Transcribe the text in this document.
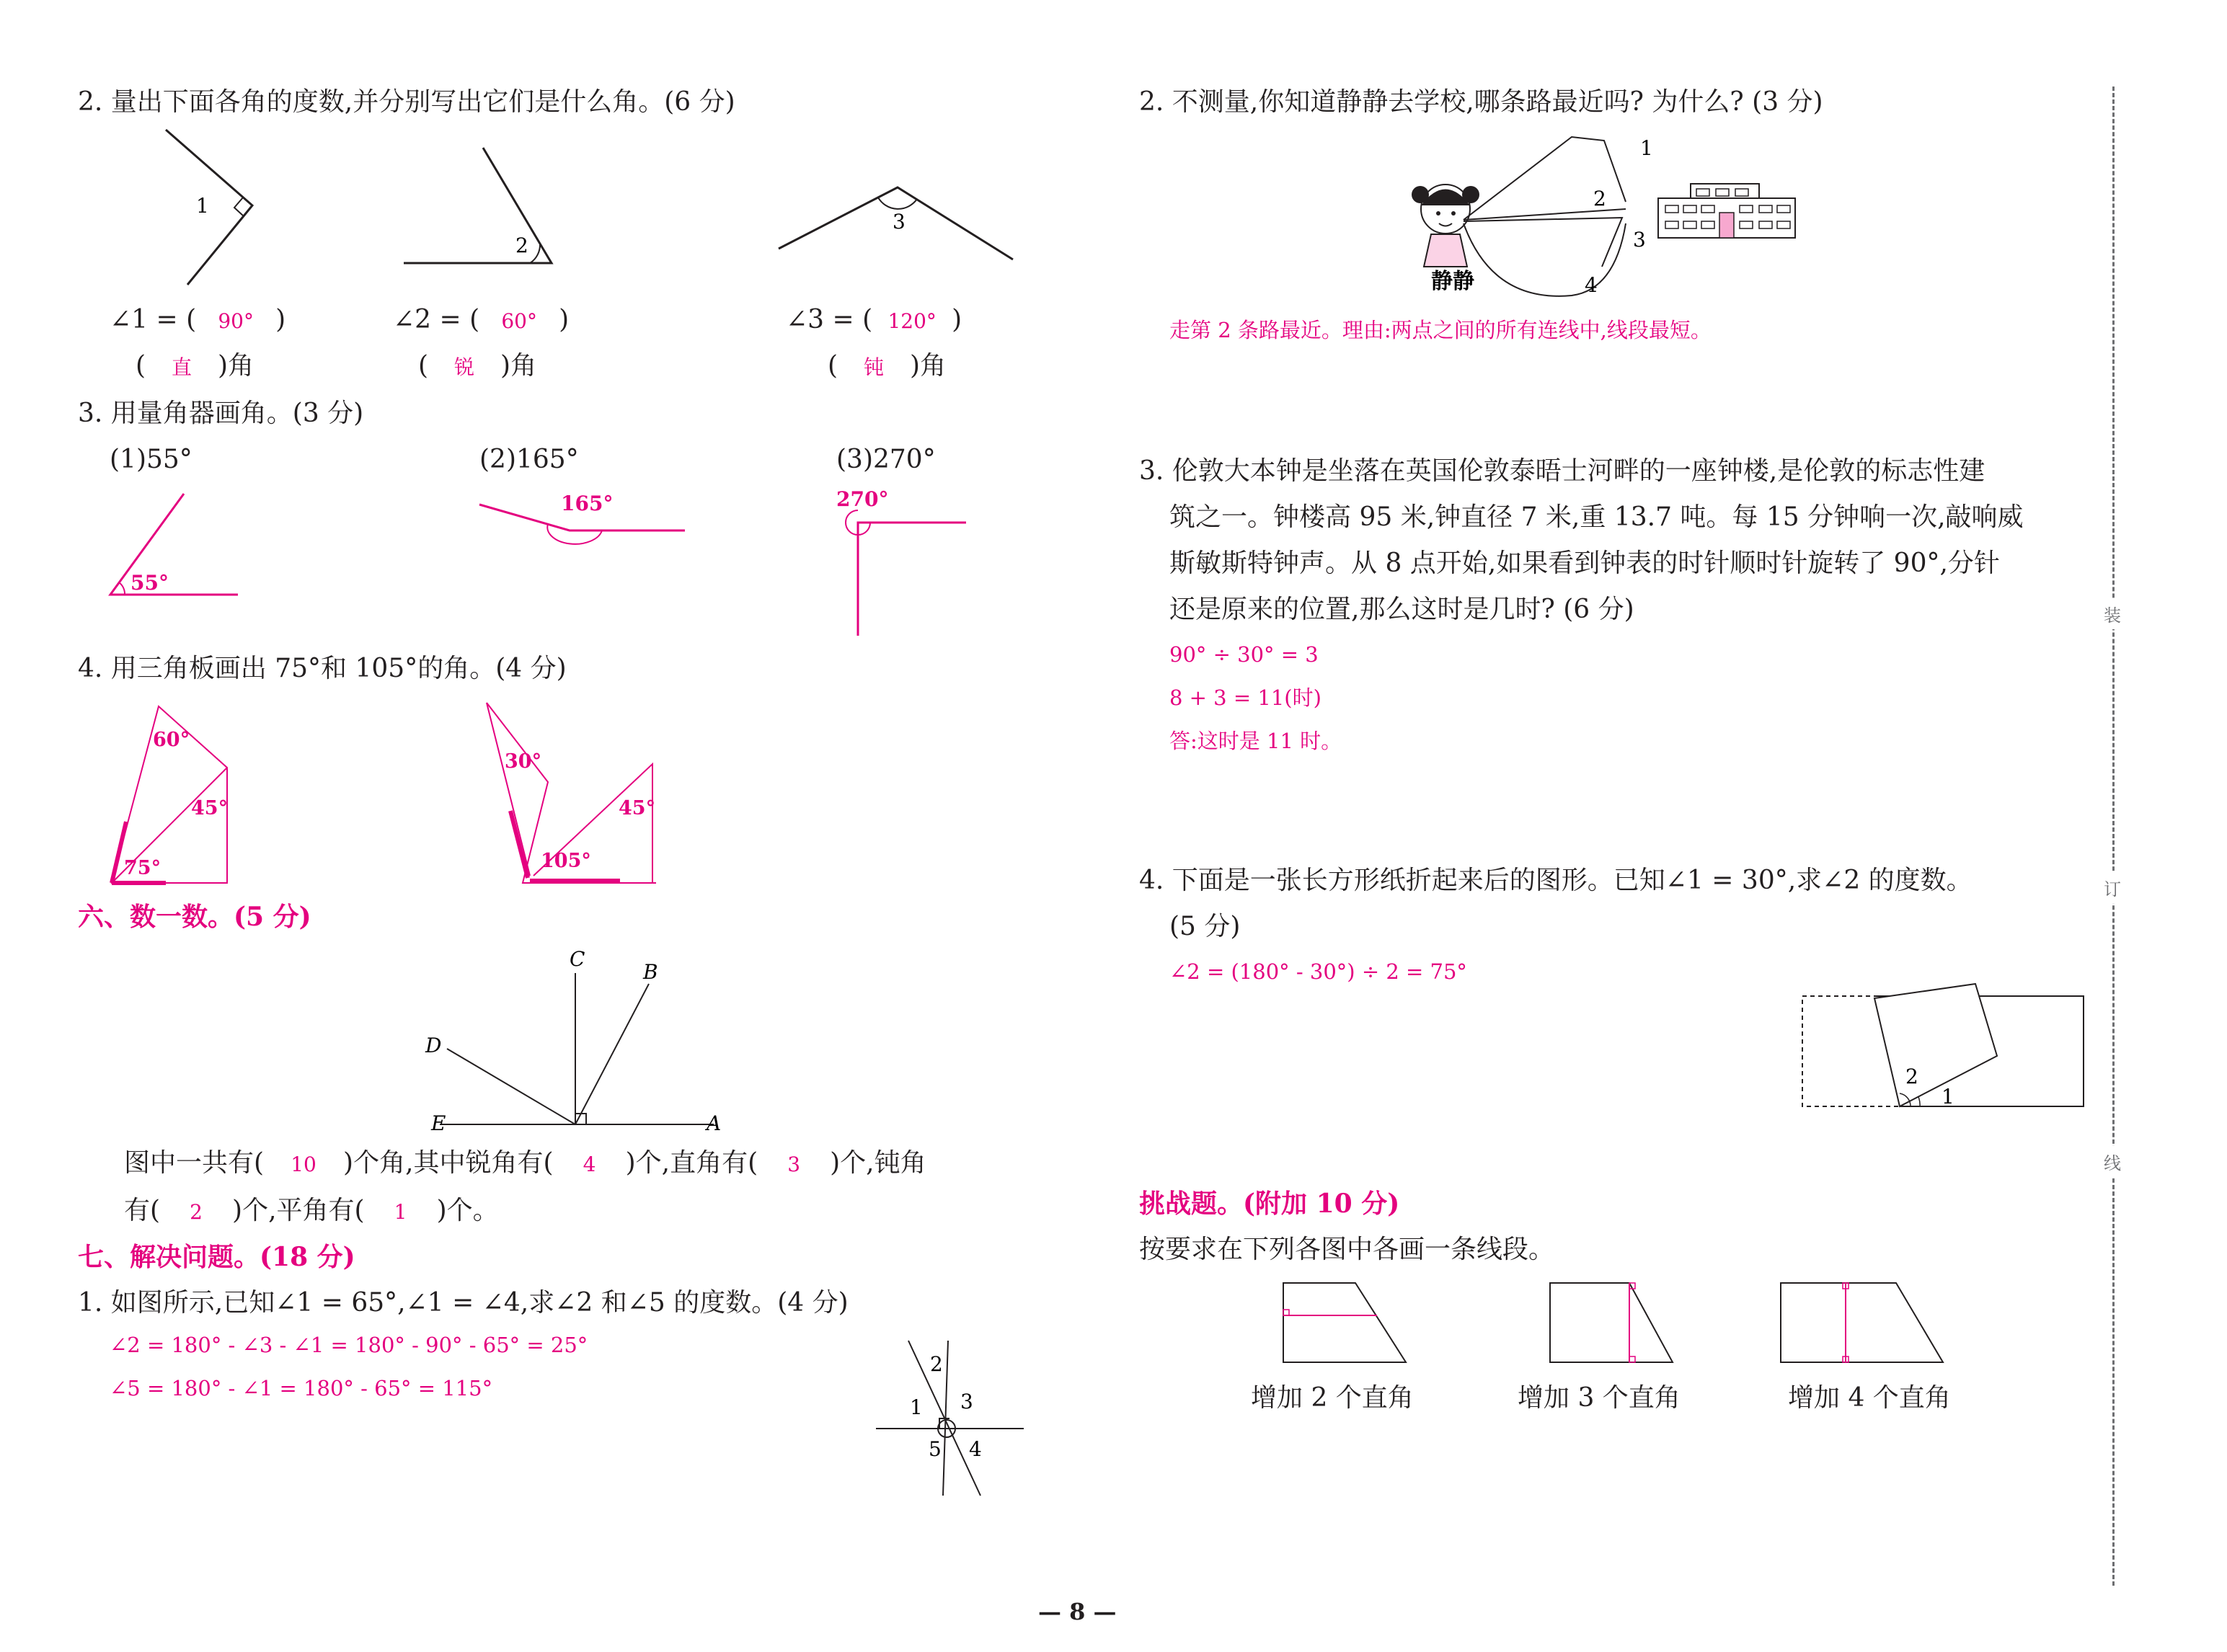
2. 量出下面各角的度数,并分别写出它们是什么角。(6 分)
1
2
3
∠1 = ( 90° )	∠2 = ( 60° )	∠3 = ( 120° )
( 直 )角	( 锐 )角	( 钝 )角
3. 用量角器画角。(3 分)
(1)55°	(2)165°	(3)270°
55°
165°	270°
4. 用三角板画出 75°和 105°的角。(4 分)
60°
45°
75°
30°
45°
105°
六、数一数。(5 分)
C
B
D
E	A
图中一共有( 10 )个角,其中锐角有( 4 )个,直角有( 3 )个,钝角
有( 2 )个,平角有( 1 )个。
七、解决问题。(18 分)
1. 如图所示,已知∠1 = 65°,∠1 = ∠4,求∠2 和∠5 的度数。(4 分)
∠2 = 180° - ∠3 - ∠1 = 180° - 90° - 65° = 25°
∠5 = 180° - ∠1 = 180° - 65° = 115°
2
1 3
5 4
2. 不测量,你知道静静去学校,哪条路最近吗? 为什么? (3 分)
静静
1
2
3
4
走第 2 条路最近。理由:两点之间的所有连线中,线段最短。
3. 伦敦大本钟是坐落在英国伦敦泰晤士河畔的一座钟楼,是伦敦的标志性建
筑之一。钟楼高 95 米,钟直径 7 米,重 13.7 吨。每 15 分钟响一次,敲响威
斯敏斯特钟声。从 8 点开始,如果看到钟表的时针顺时针旋转了 90°,分针
还是原来的位置,那么这时是几时? (6 分)
90° ÷ 30° = 3
8 + 3 = 11(时)
答:这时是 11 时。
4. 下面是一张长方形纸折起来后的图形。已知∠1 = 30°,求∠2 的度数。
(5 分)
∠2 = (180° - 30°) ÷ 2 = 75°
2
1
挑战题。(附加 10 分)
按要求在下列各图中各画一条线段。
增加 2 个直角	增加 3 个直角	增加 4 个直角
装
订
线
— 8 —
